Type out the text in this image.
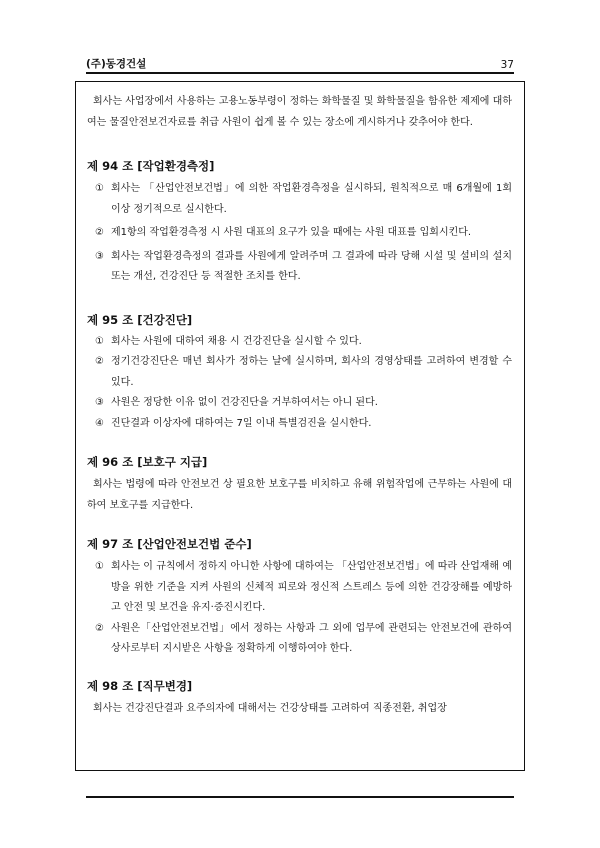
(주)동경건설	37

회사는 사업장에서 사용하는 고용노동부령이 정하는 화학물질 및 화학물질을 함유한 제제에 대하여는 물질안전보건자료를 취급 사원이 쉽게 볼 수 있는 장소에 게시하거나 갖추어야 한다.

제 94 조 [작업환경측정]

① 회사는 「산업안전보건법」에 의한 작업환경측정을 실시하되, 원칙적으로 매 6개월에 1회 이상 정기적으로 실시한다.
② 제1항의 작업환경측정 시 사원 대표의 요구가 있을 때에는 사원 대표를 입회시킨다.
③ 회사는 작업환경측정의 결과를 사원에게 알려주며 그 결과에 따라 당해 시설 및 설비의 설치 또는 개선, 건강진단 등 적절한 조치를 한다.

제 95 조 [건강진단]

① 회사는 사원에 대하여 채용 시 건강진단을 실시할 수 있다.
② 정기건강진단은 매년 회사가 정하는 날에 실시하며, 회사의 경영상태를 고려하여 변경할 수 있다.
③ 사원은 정당한 이유 없이 건강진단을 거부하여서는 아니 된다.
④ 진단결과 이상자에 대하여는 7일 이내 특별검진을 실시한다.

제 96 조 [보호구 지급]

회사는 법령에 따라 안전보건 상 필요한 보호구를 비치하고 유해 위험작업에 근무하는 사원에 대하여 보호구를 지급한다.

제 97 조 [산업안전보건법 준수]

① 회사는 이 규칙에서 정하지 아니한 사항에 대하여는 「산업안전보건법」에 따라 산업재해 예방을 위한 기준을 지켜 사원의 신체적 피로와 정신적 스트레스 등에 의한 건강장해를 예방하고 안전 및 보건을 유지·증진시킨다.
② 사원은「산업안전보건법」에서 정하는 사항과 그 외에 업무에 관련되는 안전보건에 관하여 상사로부터 지시받은 사항을 정확하게 이행하여야 한다.

제 98 조 [직무변경]

회사는 건강진단결과 요주의자에 대해서는 건강상태를 고려하여 직종전환, 취업장
